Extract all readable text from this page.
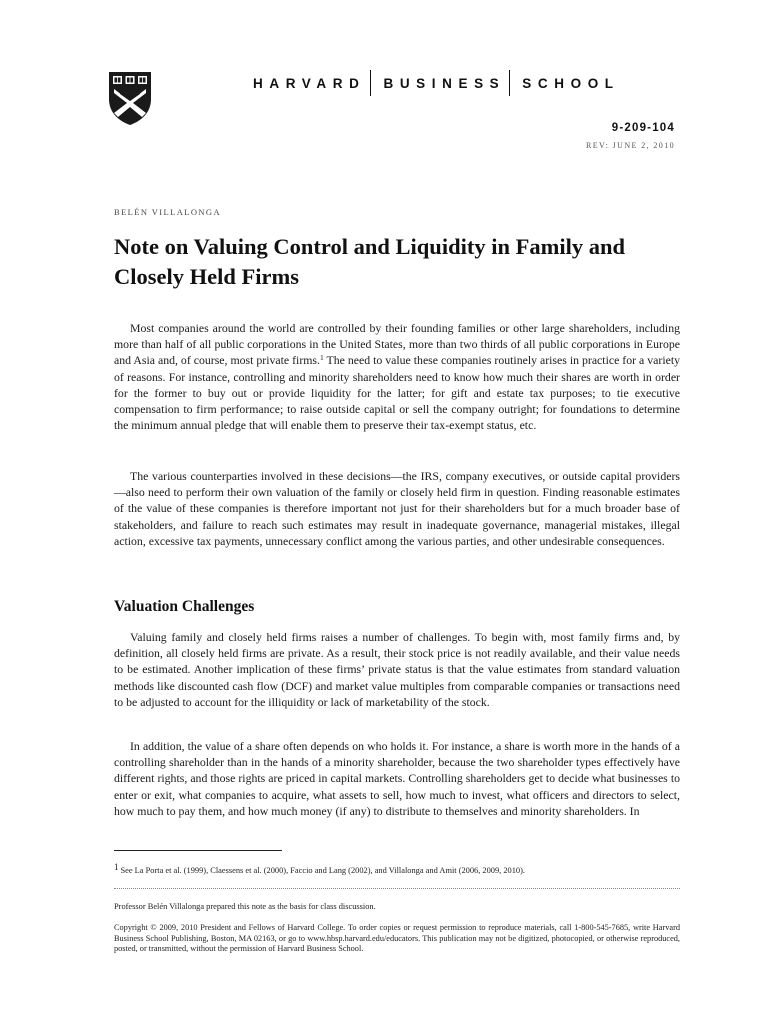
HARVARD BUSINESS SCHOOL
9-209-104
REV: JUNE 2, 2010
BELÉN VILLALONGA
Note on Valuing Control and Liquidity in Family and Closely Held Firms

Most companies around the world are controlled by their founding families or other large shareholders, including more than half of all public corporations in the United States, more than two thirds of all public corporations in Europe and Asia and, of course, most private firms.$^1$ The need to value these companies routinely arises in practice for a variety of reasons. For instance, controlling and minority shareholders need to know how much their shares are worth in order for the former to buy out or provide liquidity for the latter; for gift and estate tax purposes; to tie executive compensation to firm performance; to raise outside capital or sell the company outright; for foundations to determine the minimum annual pledge that will enable them to preserve their tax-exempt status, etc.

The various counterparties involved in these decisions—the IRS, company executives, or outside capital providers—also need to perform their own valuation of the family or closely held firm in question. Finding reasonable estimates of the value of these companies is therefore important not just for their shareholders but for a much broader base of stakeholders, and failure to reach such estimates may result in inadequate governance, managerial mistakes, illegal action, excessive tax payments, unnecessary conflict among the various parties, and other undesirable consequences.

Valuation Challenges

Valuing family and closely held firms raises a number of challenges. To begin with, most family firms and, by definition, all closely held firms are private. As a result, their stock price is not readily available, and their value needs to be estimated. Another implication of these firms’ private status is that the value estimates from standard valuation methods like discounted cash flow (DCF) and market value multiples from comparable companies or transactions need to be adjusted to account for the illiquidity or lack of marketability of the stock.

In addition, the value of a share often depends on who holds it. For instance, a share is worth more in the hands of a controlling shareholder than in the hands of a minority shareholder, because the two shareholder types effectively have different rights, and those rights are priced in capital markets. Controlling shareholders get to decide what businesses to enter or exit, what companies to acquire, what assets to sell, how much to invest, what officers and directors to select, how much to pay them, and how much money (if any) to distribute to themselves and minority shareholders. In

$^1$ See La Porta et al. (1999), Claessens et al. (2000), Faccio and Lang (2002), and Villalonga and Amit (2006, 2009, 2010).
Professor Belén Villalonga prepared this note as the basis for class discussion.
Copyright © 2009, 2010 President and Fellows of Harvard College. To order copies or request permission to reproduce materials, call 1-800-545-7685, write Harvard Business School Publishing, Boston, MA 02163, or go to www.hbsp.harvard.edu/educators. This publication may not be digitized, photocopied, or otherwise reproduced, posted, or transmitted, without the permission of Harvard Business School.
